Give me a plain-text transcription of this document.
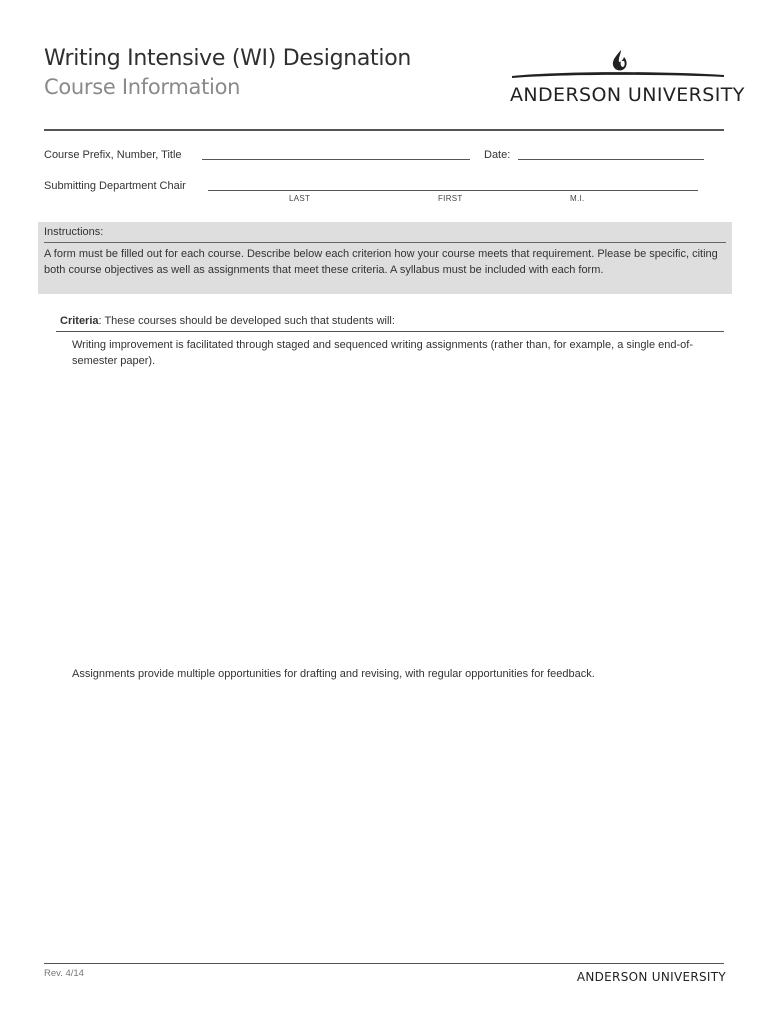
Writing Intensive (WI) Designation
Course Information	ANDERSON UNIVERSITY
Course Prefix, Number, Title	Date:
Submitting Department Chair
LAST	FIRST	M.I.
Instructions:
A form must be filled out for each course. Describe below each criterion how your course meets that requirement. Please be specific, citing both course objectives as well as assignments that meet these criteria. A syllabus must be included with each form.
Criteria: These courses should be developed such that students will:
Writing improvement is facilitated through staged and sequenced writing assignments (rather than, for example, a single end-of-semester paper).
Assignments provide multiple opportunities for drafting and revising, with regular opportunities for feedback.
Rev. 4/14	ANDERSON UNIVERSITY
